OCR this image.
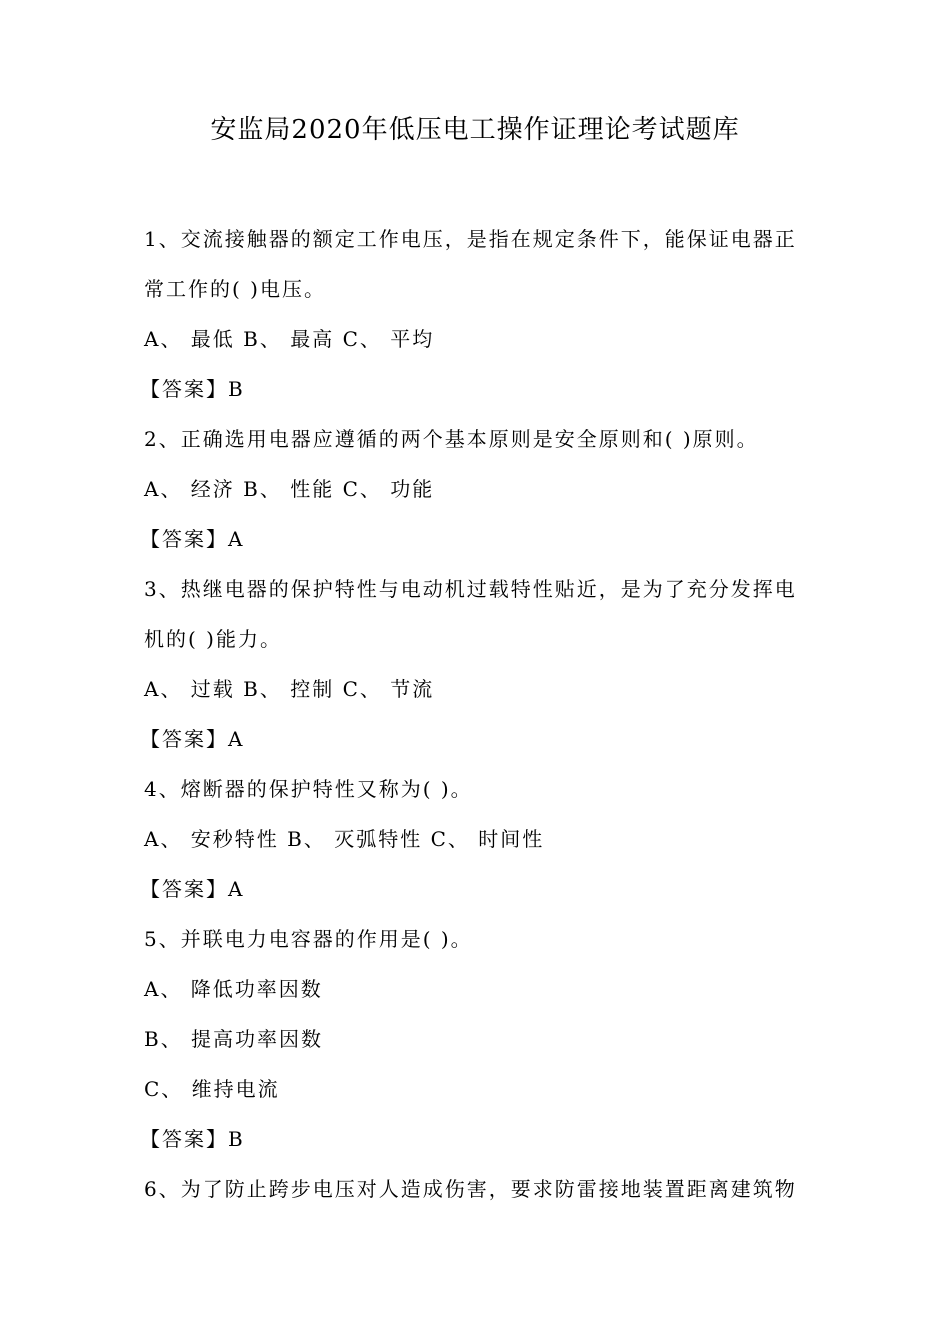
安监局2020年低压电工操作证理论考试题库
1、交流接触器的额定工作电压，是指在规定条件下，能保证电器正
常工作的( )电压。
A、 最低 B、 最高 C、 平均
【答案】B
2、正确选用电器应遵循的两个基本原则是安全原则和( )原则。
A、 经济 B、 性能 C、 功能
【答案】A
3、热继电器的保护特性与电动机过载特性贴近，是为了充分发挥电
机的( )能力。
A、 过载 B、 控制 C、 节流
【答案】A
4、熔断器的保护特性又称为( )。
A、 安秒特性 B、 灭弧特性 C、 时间性
【答案】A
5、并联电力电容器的作用是( )。
A、 降低功率因数
B、 提高功率因数
C、 维持电流
【答案】B
6、为了防止跨步电压对人造成伤害，要求防雷接地装置距离建筑物
